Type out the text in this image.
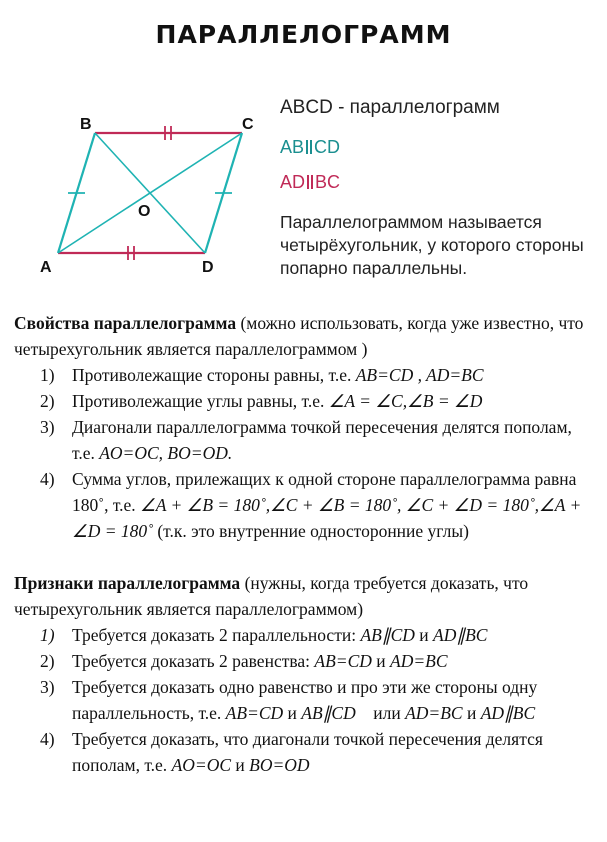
ПАРАЛЛЕЛОГРАММ
B	C
A	D
O
ABCD - параллелограмм
AB CD
AD BC
Параллелограммом называется четырёхугольник, у которого стороны попарно параллельны.
Свойства параллелограмма (можно использовать, когда уже известно, что четырехугольник является параллелограммом )
1) Противолежащие стороны равны, т.е. AB=CD , AD=BC
2) Противолежащие углы равны, т.е. ∠A = ∠C,∠B = ∠D
3) Диагонали параллелограмма точкой пересечения делятся пополам, т.е. AO=OC, BO=OD.
4) Сумма углов, прилежащих к одной стороне параллелограмма равна 180˚, т.е. ∠A + ∠B = 180˚,∠C + ∠B = 180˚, ∠C + ∠D = 180˚,∠A + ∠D = 180˚ (т.к. это внутренние односторонние углы)
Признаки параллелограмма (нужны, когда требуется доказать, что четырехугольник является параллелограммом)
1) Требуется доказать 2 параллельности: AB∥CD и AD∥BC
2) Требуется доказать 2 равенства: AB=CD и AD=BC
3) Требуется доказать одно равенство и про эти же стороны одну параллельность, т.е. AB=CD и AB∥CD    или AD=BC и AD∥BC
4) Требуется доказать, что диагонали точкой пересечения делятся пополам, т.е. AO=OC и BO=OD
